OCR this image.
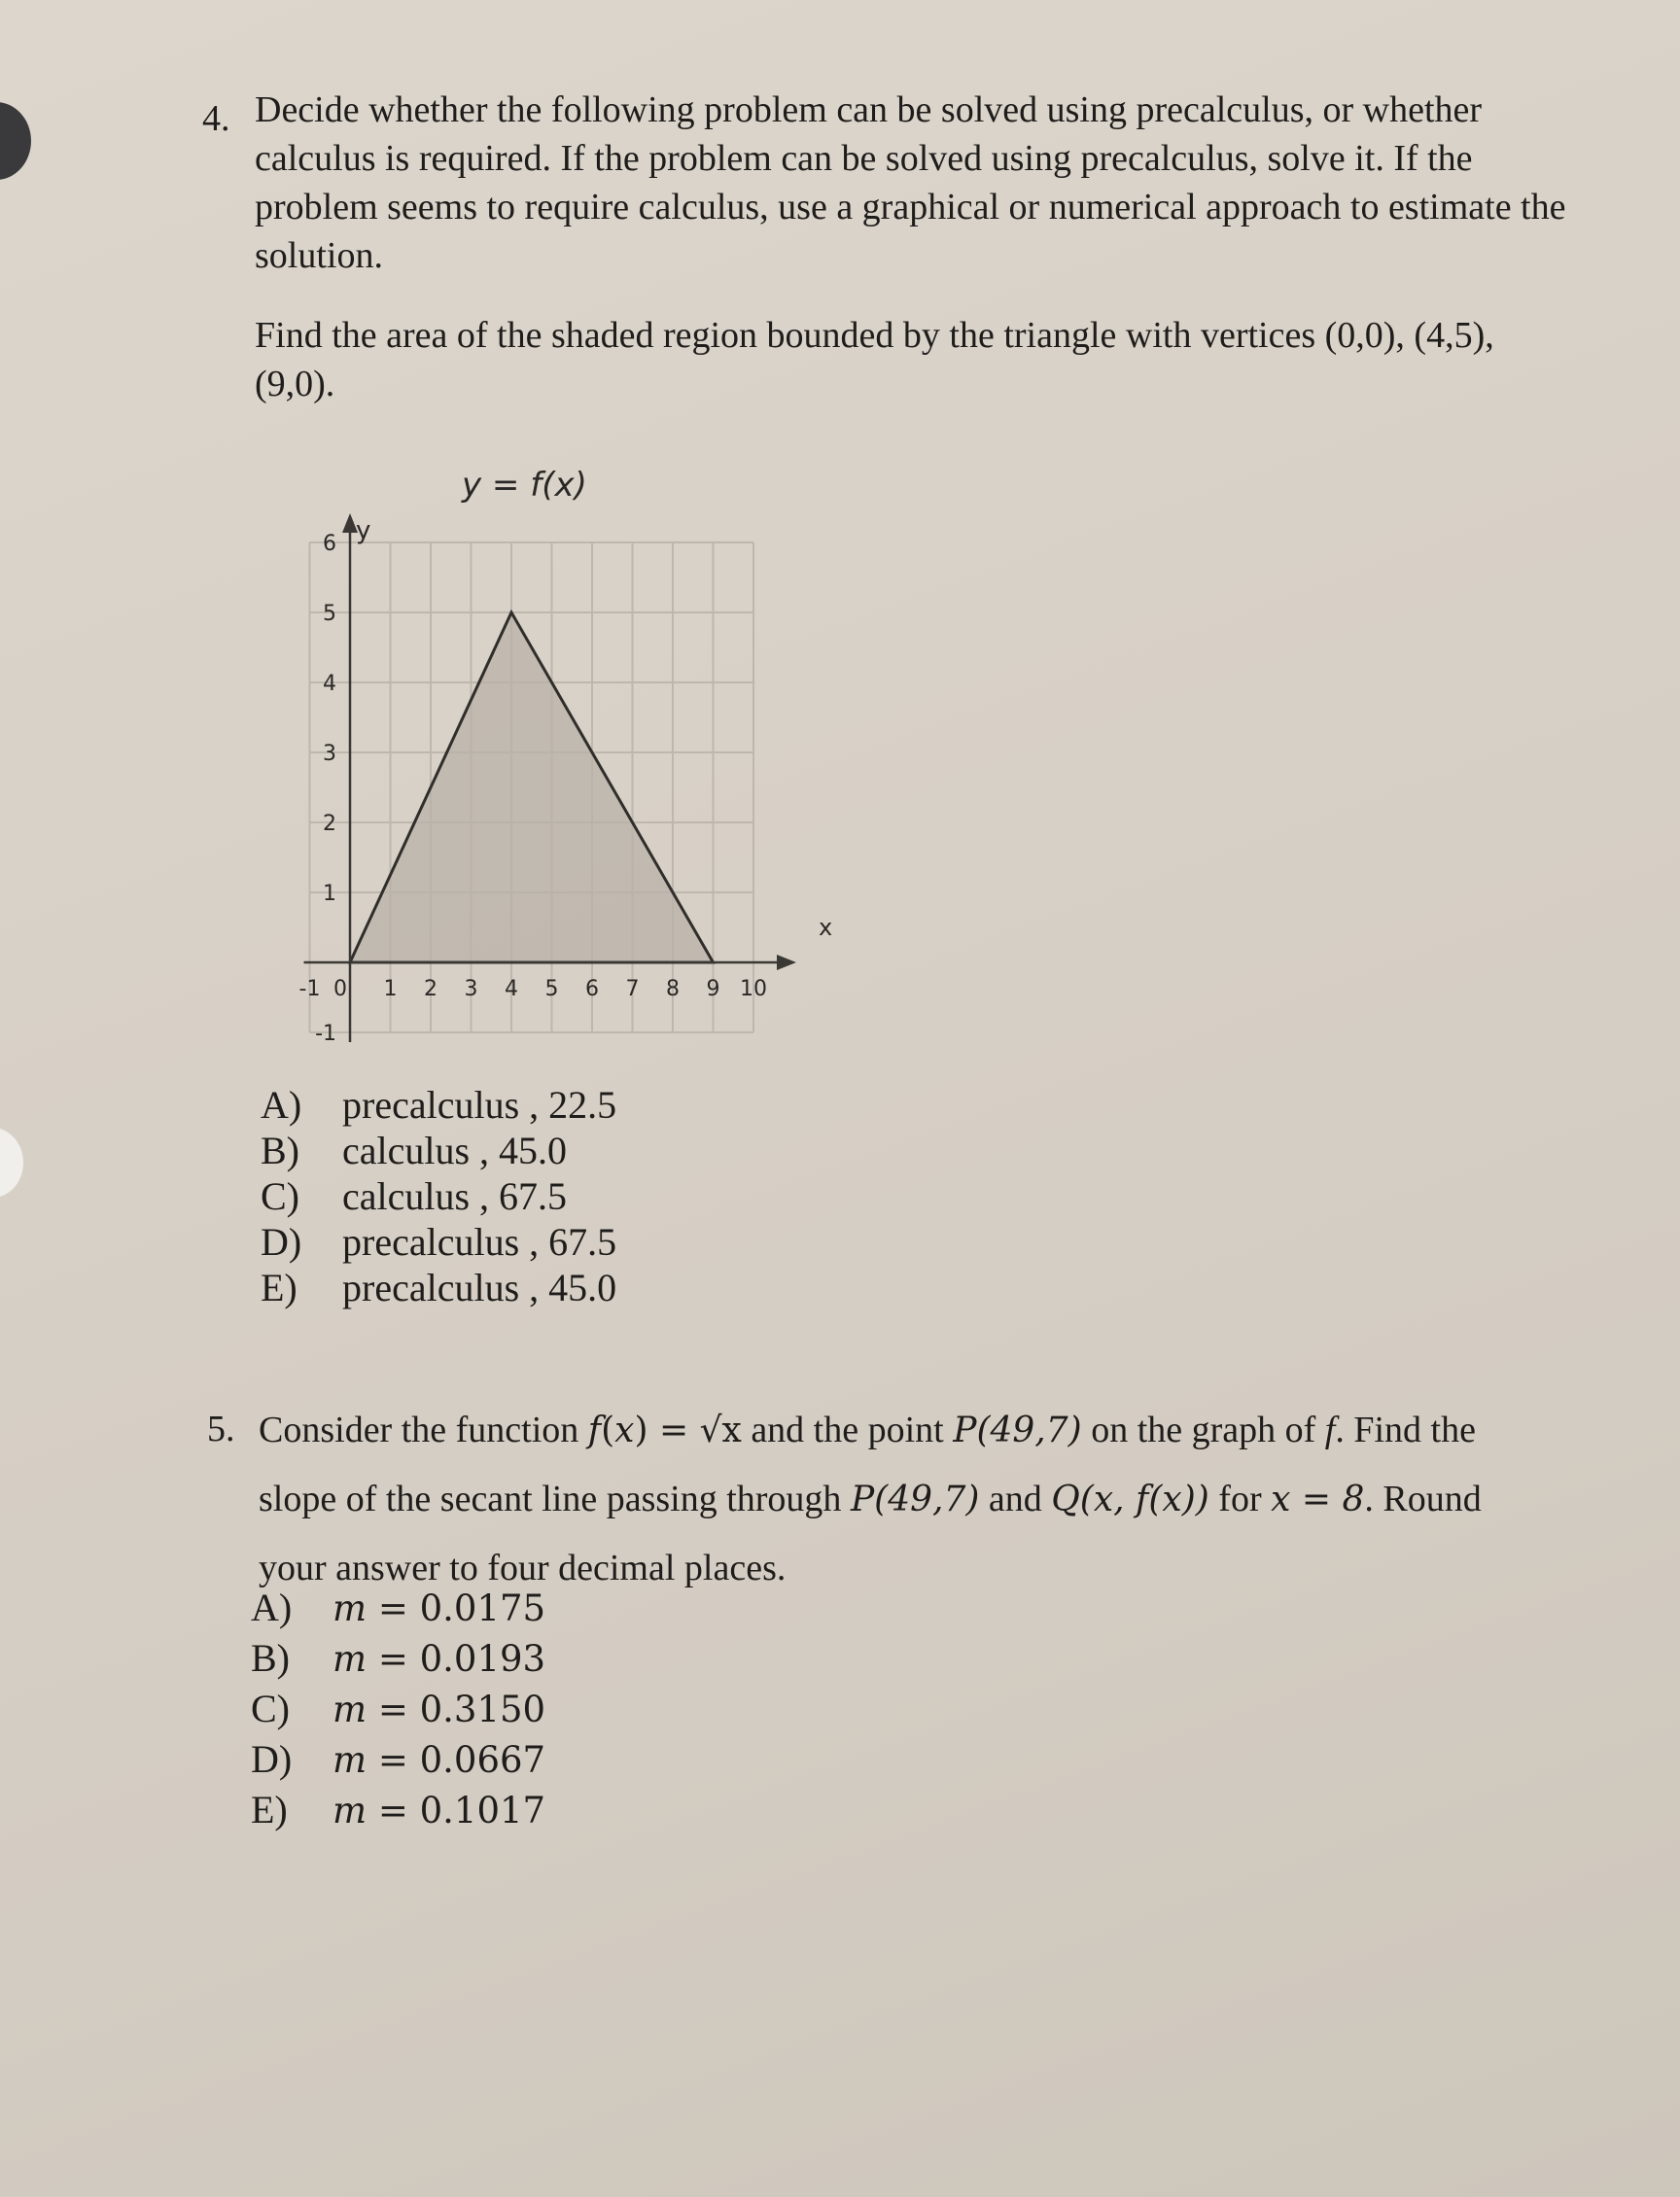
4. Decide whether the following problem can be solved using precalculus, or whether
calculus is required. If the problem can be solved using precalculus, solve it. If the
problem seems to require calculus, use a graphical or numerical approach to estimate the
solution.
Find the area of the shaded region bounded by the triangle with vertices (0,0), (4,5),
(9,0).
-1 0 1 2 3 4 5 6 7 8 9 10
6
5
4
3
2
1
-1
y = f(x)
y
x
A) precalculus , 22.5
B) calculus , 45.0
C) calculus , 67.5
D) precalculus , 67.5
E) precalculus , 45.0
5. Consider the function f(x) = √x and the point P(49,7) on the graph of f. Find the
slope of the secant line passing through P(49,7) and Q(x, f(x)) for x = 8. Round
your answer to four decimal places.
A) m = 0.0175
B) m = 0.0193
C) m = 0.3150
D) m = 0.0667
E) m = 0.1017
